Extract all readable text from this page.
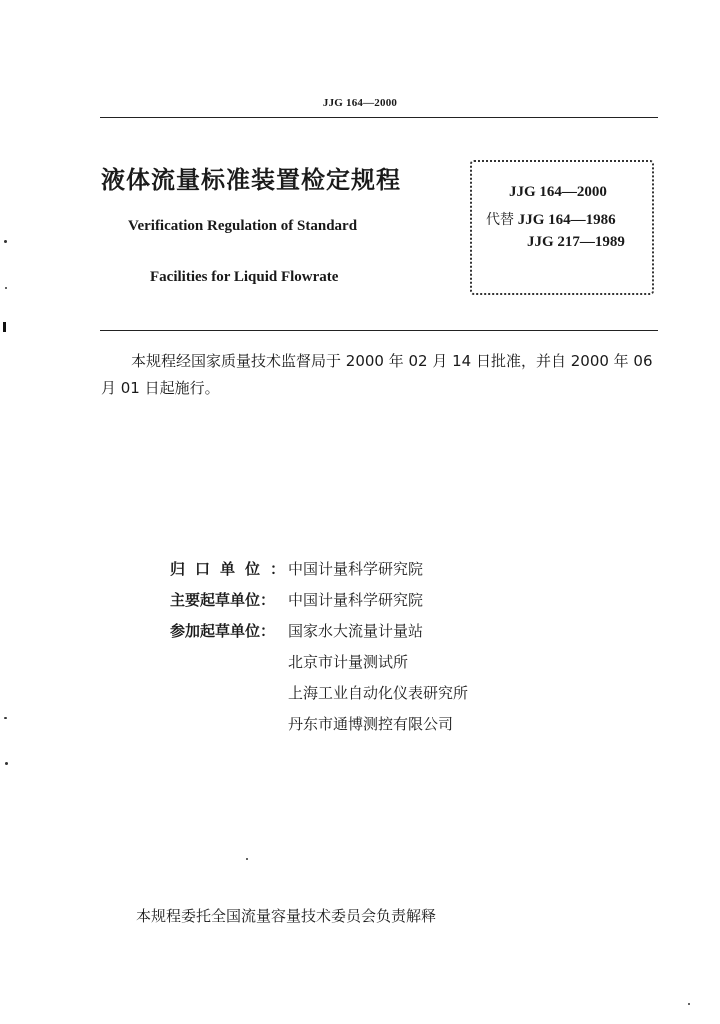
JJG 164—2000
液体流量标准装置检定规程
Verification Regulation of Standard
Facilities for Liquid Flowrate
JJG 164—2000
代替 JJG 164—1986
JJG 217—1989
本规程经国家质量技术监督局于 2000 年 02 月 14 日批准，并自 2000 年 06 月 01 日起施行。
归口单位：
中国计量科学研究院
主要起草单位： 中国计量科学研究院
参加起草单位： 国家水大流量计量站
北京市计量测试所
上海工业自动化仪表研究所
丹东市通博测控有限公司
本规程委托全国流量容量技术委员会负责解释
